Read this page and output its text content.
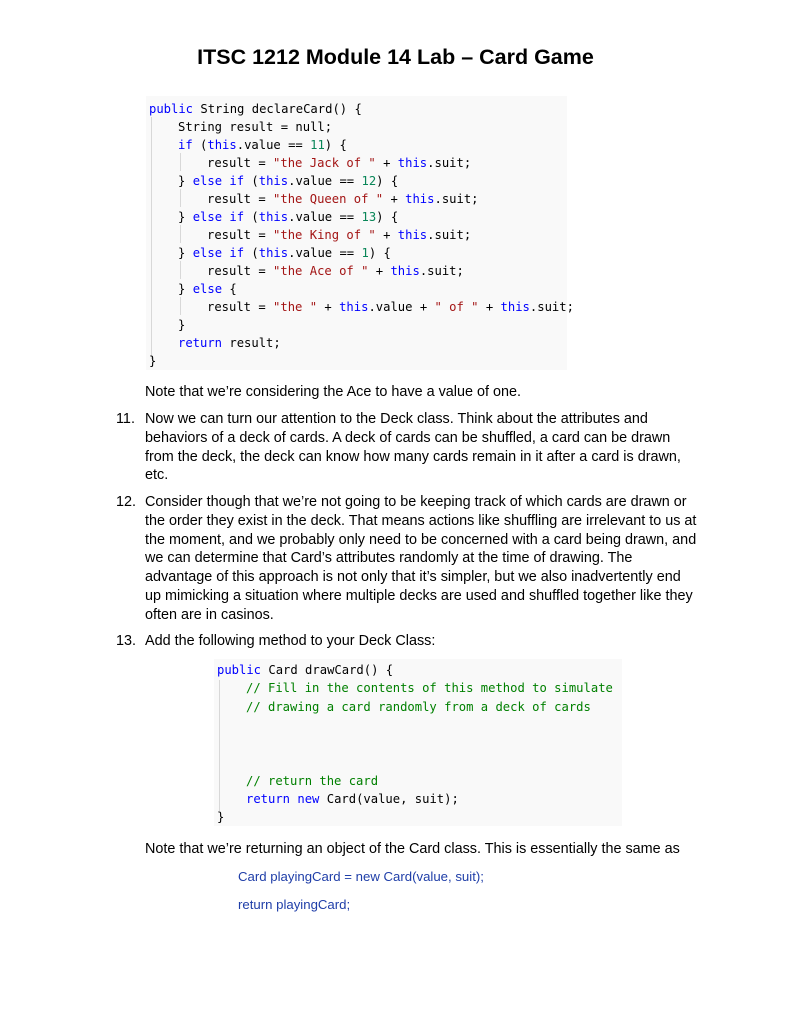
ITSC 1212 Module 14 Lab – Card Game
public String declareCard() {
String result = null;
if (this.value == 11) {
result = "the Jack of " + this.suit;
} else if (this.value == 12) {
result = "the Queen of " + this.suit;
} else if (this.value == 13) {
result = "the King of " + this.suit;
} else if (this.value == 1) {
result = "the Ace of " + this.suit;
} else {
result = "the " + this.value + " of " + this.suit;
}
return result;
}

Note that we’re considering the Ace to have a value of one.

11. Now we can turn our attention to the Deck class. Think about the attributes and behaviors of a deck of cards. A deck of cards can be shuffled, a card can be drawn from the deck, the deck can know how many cards remain in it after a card is drawn, etc.

12. Consider though that we’re not going to be keeping track of which cards are drawn or the order they exist in the deck. That means actions like shuffling are irrelevant to us at the moment, and we probably only need to be concerned with a card being drawn, and we can determine that Card’s attributes randomly at the time of drawing. The advantage of this approach is not only that it’s simpler, but we also inadvertently end up mimicking a situation where multiple decks are used and shuffled together like they often are in casinos.

13. Add the following method to your Deck Class:

public Card drawCard() {
// Fill in the contents of this method to simulate
// drawing a card randomly from a deck of cards
// return the card
return new Card(value, suit);
}

Note that we’re returning an object of the Card class. This is essentially the same as

Card playingCard = new Card(value, suit);

return playingCard;
